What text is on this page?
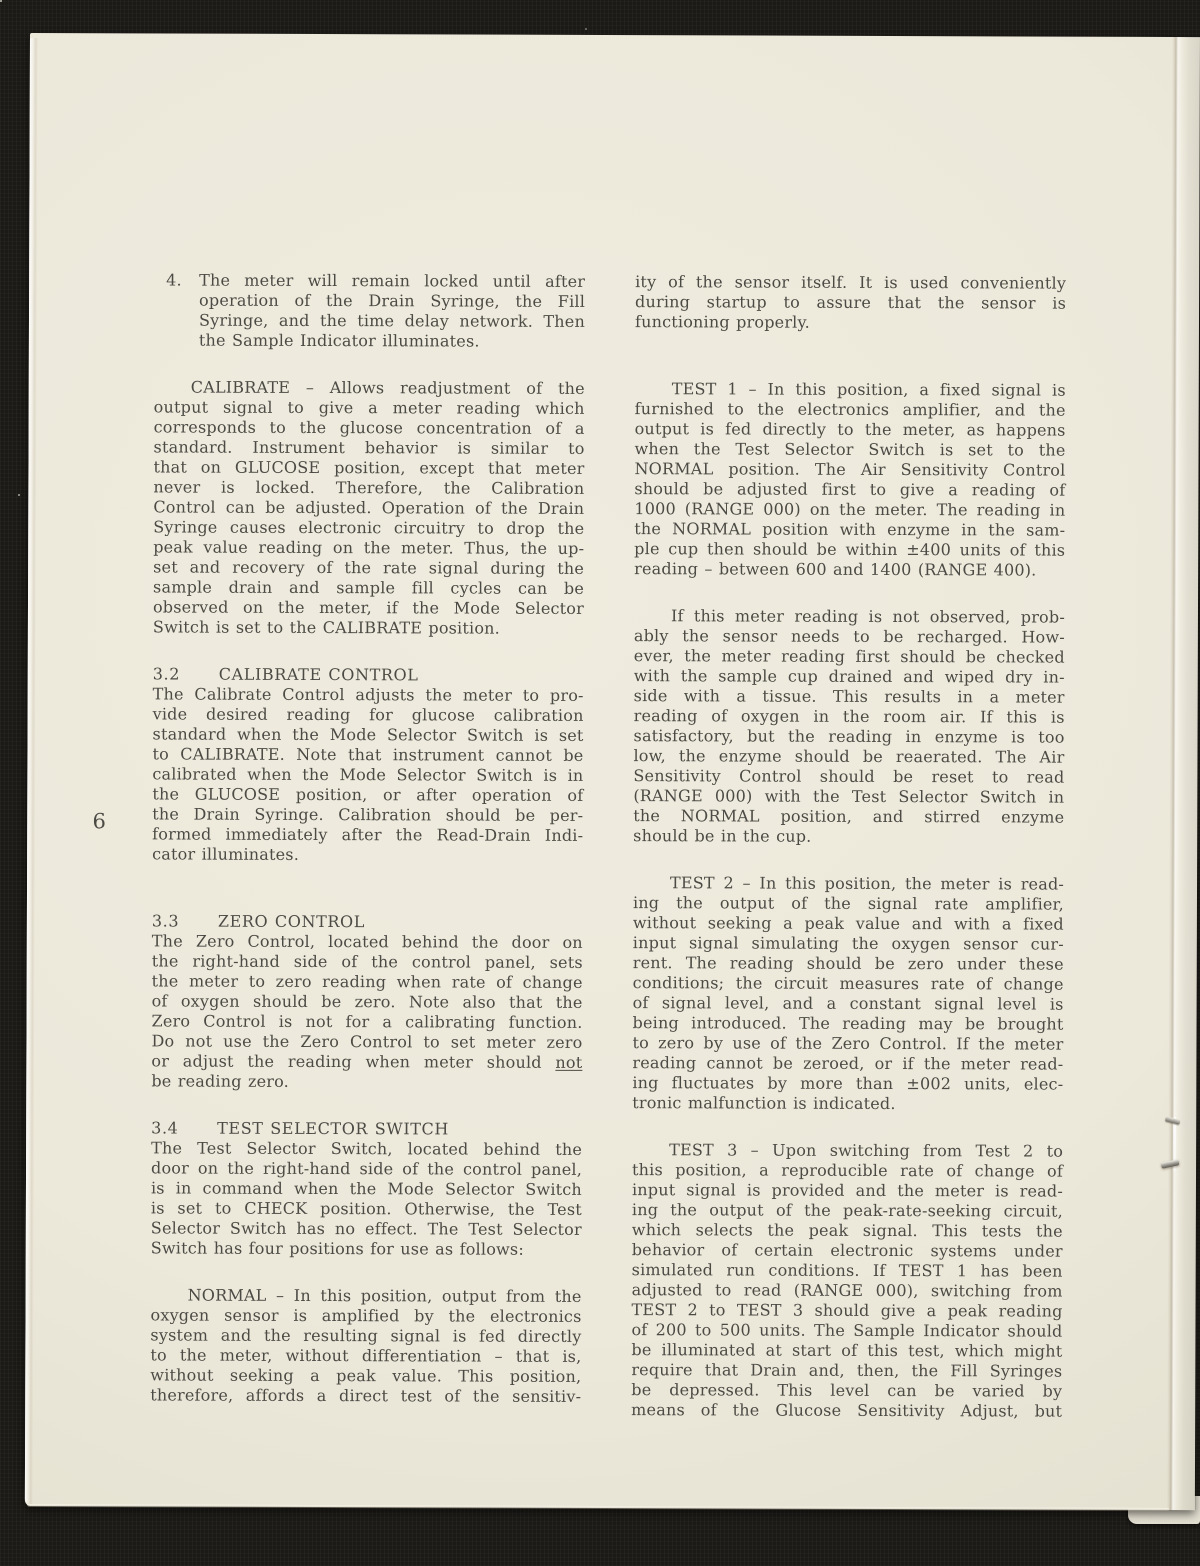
6
4. The meter will remain locked until after
operation of the Drain Syringe, the Fill
Syringe, and the time delay network. Then
the Sample Indicator illuminates.
CALIBRATE – Allows readjustment of the
output signal to give a meter reading which
corresponds to the glucose concentration of a
standard. Instrument behavior is similar to
that on GLUCOSE position, except that meter
never is locked. Therefore, the Calibration
Control can be adjusted. Operation of the Drain
Syringe causes electronic circuitry to drop the
peak value reading on the meter. Thus, the up-
set and recovery of the rate signal during the
sample drain and sample fill cycles can be
observed on the meter, if the Mode Selector
Switch is set to the CALIBRATE position.
3.2 CALIBRATE CONTROL
The Calibrate Control adjusts the meter to pro-
vide desired reading for glucose calibration
standard when the Mode Selector Switch is set
to CALIBRATE. Note that instrument cannot be
calibrated when the Mode Selector Switch is in
the GLUCOSE position, or after operation of
the Drain Syringe. Calibration should be per-
formed immediately after the Read-Drain Indi-
cator illuminates.
3.3 ZERO CONTROL
The Zero Control, located behind the door on
the right-hand side of the control panel, sets
the meter to zero reading when rate of change
of oxygen should be zero. Note also that the
Zero Control is not for a calibrating function.
Do not use the Zero Control to set meter zero
or adjust the reading when meter should not
be reading zero.
3.4 TEST SELECTOR SWITCH
The Test Selector Switch, located behind the
door on the right-hand side of the control panel,
is in command when the Mode Selector Switch
is set to CHECK position. Otherwise, the Test
Selector Switch has no effect. The Test Selector
Switch has four positions for use as follows:
NORMAL – In this position, output from the
oxygen sensor is amplified by the electronics
system and the resulting signal is fed directly
to the meter, without differentiation – that is,
without seeking a peak value. This position,
therefore, affords a direct test of the sensitiv-
ity of the sensor itself. It is used conveniently
during startup to assure that the sensor is
functioning properly.
TEST 1 – In this position, a fixed signal is
furnished to the electronics amplifier, and the
output is fed directly to the meter, as happens
when the Test Selector Switch is set to the
NORMAL position. The Air Sensitivity Control
should be adjusted first to give a reading of
1000 (RANGE 000) on the meter. The reading in
the NORMAL position with enzyme in the sam-
ple cup then should be within ±400 units of this
reading – between 600 and 1400 (RANGE 400).
If this meter reading is not observed, prob-
ably the sensor needs to be recharged. How-
ever, the meter reading first should be checked
with the sample cup drained and wiped dry in-
side with a tissue. This results in a meter
reading of oxygen in the room air. If this is
satisfactory, but the reading in enzyme is too
low, the enzyme should be reaerated. The Air
Sensitivity Control should be reset to read
(RANGE 000) with the Test Selector Switch in
the NORMAL position, and stirred enzyme
should be in the cup.
TEST 2 – In this position, the meter is read-
ing the output of the signal rate amplifier,
without seeking a peak value and with a fixed
input signal simulating the oxygen sensor cur-
rent. The reading should be zero under these
conditions; the circuit measures rate of change
of signal level, and a constant signal level is
being introduced. The reading may be brought
to zero by use of the Zero Control. If the meter
reading cannot be zeroed, or if the meter read-
ing fluctuates by more than ±002 units, elec-
tronic malfunction is indicated.
TEST 3 – Upon switching from Test 2 to
this position, a reproducible rate of change of
input signal is provided and the meter is read-
ing the output of the peak-rate-seeking circuit,
which selects the peak signal. This tests the
behavior of certain electronic systems under
simulated run conditions. If TEST 1 has been
adjusted to read (RANGE 000), switching from
TEST 2 to TEST 3 should give a peak reading
of 200 to 500 units. The Sample Indicator should
be illuminated at start of this test, which might
require that Drain and, then, the Fill Syringes
be depressed. This level can be varied by
means of the Glucose Sensitivity Adjust, but
